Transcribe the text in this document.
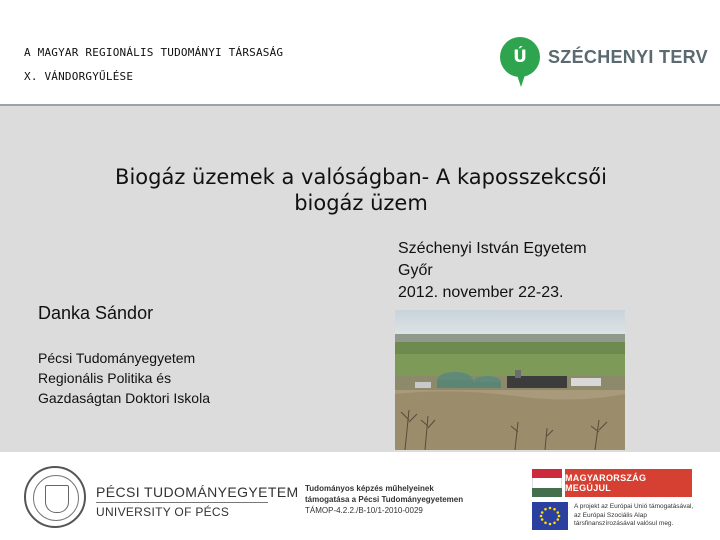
A MAGYAR REGIONÁLIS TUDOMÁNYI TÁRSASÁG
X. VÁNDORGYŰLÉSE
Ú	SZÉCHENYI TERV
Biogáz üzemek a valóságban- A kaposszekcsői
biogáz üzem
Széchenyi István Egyetem
Győr
2012. november 22-23.
Danka Sándor
Pécsi Tudományegyetem
Regionális Politika és
Gazdaságtan Doktori Iskola
PÉCSI TUDOMÁNYEGYETEM
UNIVERSITY OF PÉCS
Tudományos képzés műhelyeinek
támogatása a Pécsi Tudományegyetemen
TÁMOP-4.2.2./B-10/1-2010-0029
MAGYARORSZÁG MEGÚJUL
A projekt az Európai Unió támogatásával,
az Európai Szociális Alap
társfinanszírozásával valósul meg.
